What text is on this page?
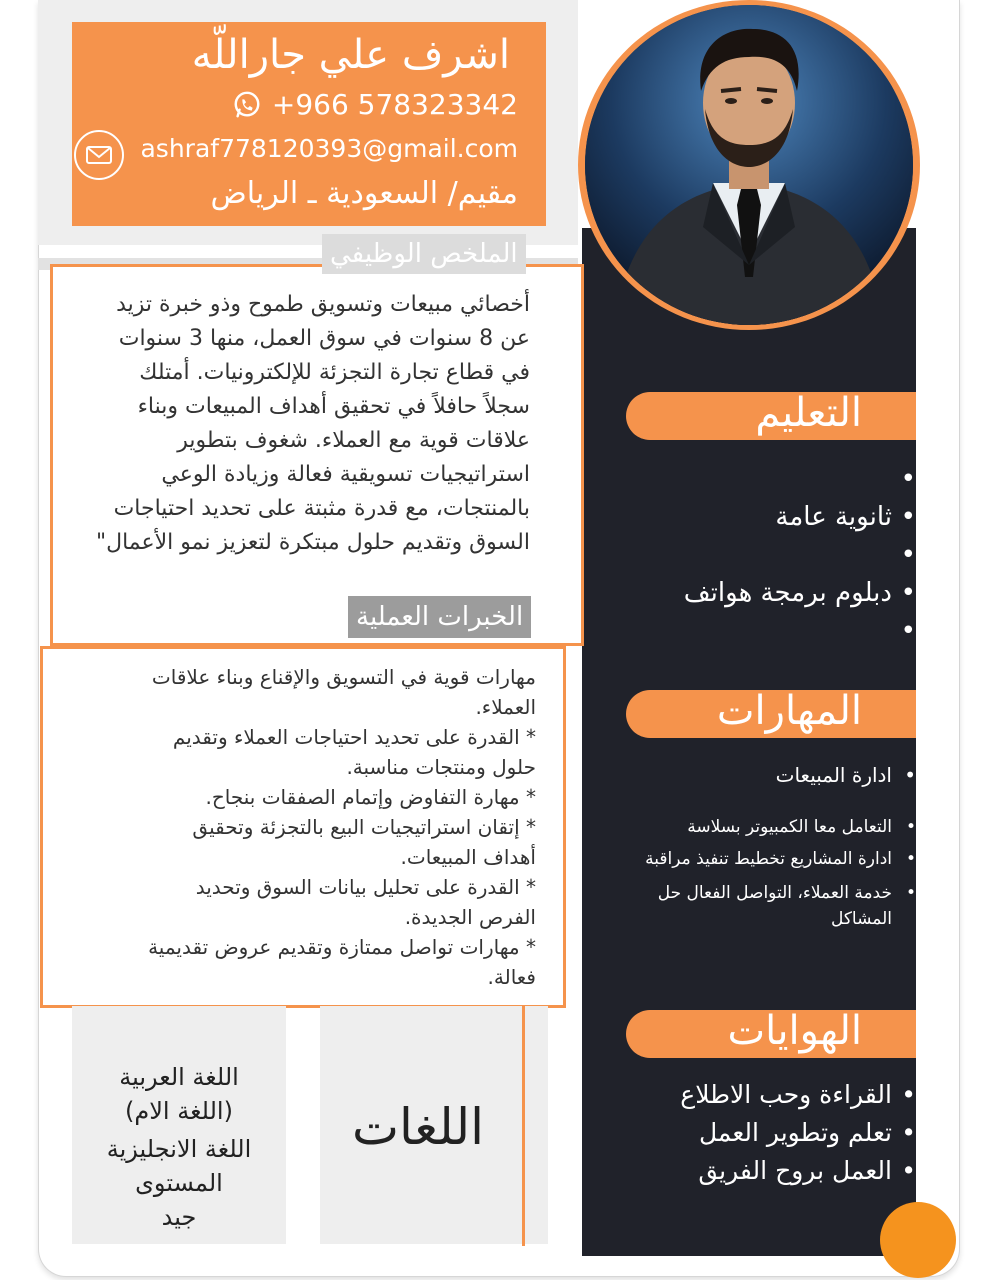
اشرف علي جاراللّه
+966 578323342
ashraf778120393@gmail.com
مقيم/ السعودية ـ الرياض
التعليم
•
• ثانوية عامة
•
• دبلوم برمجة هواتف
•
المهارات
• ادارة المبيعات
• التعامل معا الكمبيوتر بسلاسة
• ادارة المشاريع تخطيط تنفيذ مراقبة
• خدمة العملاء، التواصل الفعال حل المشاكل
الهوايات
• القراءة وحب الاطلاع
• تعلم وتطوير العمل
• العمل بروح الفريق
الملخص الوظيفي
أخصائي مبيعات وتسويق طموح وذو خبرة تزيد عن 8 سنوات في سوق العمل، منها 3 سنوات في قطاع تجارة التجزئة للإلكترونيات. أمتلك سجلاً حافلاً في تحقيق أهداف المبيعات وبناء علاقات قوية مع العملاء. شغوف بتطوير استراتيجيات تسويقية فعالة وزيادة الوعي بالمنتجات، مع قدرة مثبتة على تحديد احتياجات السوق وتقديم حلول مبتكرة لتعزيز نمو الأعمال"
الخبرات العملية
مهارات قوية في التسويق والإقناع وبناء علاقات العملاء.
* القدرة على تحديد احتياجات العملاء وتقديم حلول ومنتجات مناسبة.
* مهارة التفاوض وإتمام الصفقات بنجاح.
* إتقان استراتيجيات البيع بالتجزئة وتحقيق أهداف المبيعات.
* القدرة على تحليل بيانات السوق وتحديد الفرص الجديدة.
* مهارات تواصل ممتازة وتقديم عروض تقديمية فعالة.
اللغات
اللغة العربية
(اللغة الام)
اللغة الانجليزية
المستوى
جيد
